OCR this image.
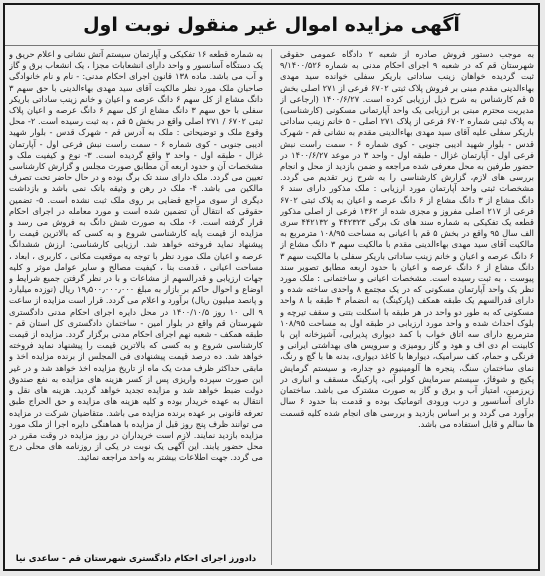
آگهی مزایده اموال غیر منقول نوبت اول

به موجب دستور فروش صادره از شعبه ۲ دادگاه عمومی حقوقی شهرستان قم که در شعبه ۹ اجرای احکام مدنی به شماره ۹/۱۴۰۰/۵۲۶ ثبت گردیده خواهان زینب ساداتی باریکر سفلی خوانده سید مهدی بهاءالدینی مقدم مبنی بر فروش پلاک ثبتی ۶۷۰۲ فرعی از ۲۷۱ اصلی بخش ۵ قم کارشناس به شرح ذیل ارزیابی کرده است. ۱۴۰۰/۶/۲۷ (ارجاعی از مدیریت محترم مبنی بر ارزیابی یک واحد آپارتمانی مسکونی (کارشناسی) به پلاک ثبتی شماره ۶۷۰۲ فرعی از پلاک ۲۷۱ اصلی - ۵ خانم زینب ساداتی باریکر سفلی علیه آقای سید مهدی بهاءالدینی مقدم به نشانی قم - شهرک قدس - بلوار شهید ادیبی جنوبی - کوی شماره ۶ - سمت راست نبش فرعی اول - آپارتمان غزال - طبقه اول - واحد ۳ در موعد ۱۴۰۰/۶/۲۷ در حضور طرفین به محل معرفی شده مراجعه و ضمن بازدید از محل و انجام بررسی های لازم، گزارش کارشناسی را به شرح زیر تقدیم می گردد. مشخصات ثبتی واحد آپارتمان مورد ارزیابی : ملک مذکور دارای سند ۶ دانگ مشاع از ۳ دانگ مشاع از ۶ دانگ عرصه و اعیان به پلاک ثبتی ۶۷۰۲ فرعی از ۲۱۷ اصلی مفروز و مجزی شده از ۱۳۶۲ فرعی از اصلی مذکور قطعه یک تفکیکی به شماره سند های تک برگی ۴۴۲۳۲۳ و ۴۴۲۱۳۲ سری الف سال ۹۵ واقع در بخش ۵ قم با اعیانی به مساحت ۱۰۸/۹۵ مترمربع به مالکیت آقای سید مهدی بهاءالدینی مقدم با مالکیت سهم ۳ دانگ مشاع از ۶ دانگ عرصه و اعیان و خانم زینب ساداتی باریکر سفلی با مالکیت سهم ۳ دانگ مشاع از ۶ دانگ عرصه و اعیان با حدود اربعه مطابق تصویر سند پیوست ، به ثبت رسیده است. مشخصات اعیانی و ساختمانی : ملک مورد نظر یک واحد آپارتمان مسکونی که در یک مجتمع ۸ واحدی ساخته شده و دارای قدرالسهم یک طبقه همکف (پارکینگ) به انضمام ۴ طبقه با ۸ واحد مسکونی که به طور دو واحد در هر طبقه با اسکلت بتنی و سقف تیرچه و بلوک احداث شده و واحد مورد ارزیابی در طبقه اول به مساحت ۱۰۸/۹۵ مترمربع دارای سه اتاق خواب با کمد دیواری پذیرایی، آشپزخانه اپن با کابینت ام دی اف و هود و گاز رومیزی و سرویس های بهداشتی ایرانی و فرنگی و حمام، کف سرامیک، دیوارها با کاغذ دیواری، بدنه ها با گچ و رنگ، نمای ساختمان سنگ، پنجره ها آلومینیوم دو جداره، و سیستم گرمایش پکیج و شوفاژ، سیستم سرمایش کولر آبی، پارکینگ مسقف و انباری در زیرزمین، امتیاز آب و برق و گاز به صورت مشترک می باشد. ساختمان دارای آسانسور و درب ورودی اتوماتیک بوده و قدمت بنا حدود ۶ سال برآورد می گردد و بر اساس بازدید و بررسی های انجام شده کلیه قسمت ها سالم و قابل استفاده می باشد.

به شماره قطعه ۱۶ تفکیکی و آپارتمان سیستم آتش نشانی و اعلام حریق و یک دستگاه آسانسور و واحد دارای انشعابات مجزا ، یک انشعاب برق و گاز و آب می باشد. ماده ۱۳۸ قانون اجرای احکام مدنی: - نام و نام خانوادگی صاحبان ملک مورد نظر مالکیت آقای سید مهدی بهاءالدینی با حق سهم ۳ دانگ مشاع از کل سهم ۶ دانگ عرصه و اعیان و خانم زینب ساداتی باریکر سفلی با حق سهم ۳ دانگ مشاع از کل سهم ۶ دانگ عرصه و اعیان پلاک ثبتی ۶۷۰۲ / ۲۷۱ اصلی واقع در بخش ۵ قم ، به ثبت رسیده است. ۲- محل وقوع ملک و توضیحاتی : ملک به آدرس قم - شهرک قدس - بلوار شهید ادیبی جنوبی - کوی شماره ۶ - سمت راست نبش فرعی اول - آپارتمان غزال - طبقه اول - واحد ۳ واقع گردیده است. ۳- نوع و کیفیت ملک و مشخصات آن و حدود اربعه آن مطابق صورت مجلس و گزارش کارشناسی تعیین می گردد. ملک دارای سند تک برگ بوده و در حال حاضر تحت تصرف مالکین می باشد. ۴- ملک در رهن و وثیقه بانک نمی باشد و بازداشت دیگری از سوی مراجع قضایی بر روی ملک ثبت نشده است. ۵- تضمین حقوقی که انتقال آن تضمین شده است و مورد معامله در اجرای احکام قرار گرفته است. ۶- ملک به صورت شش دانگ به فروش می رسد و مزایده از قیمت پایه کارشناسی شروع و به کسی که بالاترین قیمت را پیشنهاد نماید فروخته خواهد شد. ارزیابی کارشناسی: ارزش ششدانگ عرصه و اعیان ملک مورد نظر با توجه به موقعیت مکانی ، کاربری ، ابعاد ، مساحت اعیانی ، قدمت بنا ، کیفیت مصالح و سایر عوامل موثر و کلیه جهات ارزیابی و قدرالسهم از مشاعات و با در نظر گرفتن جمیع شرایط و اوضاع و احوال حاکم بر بازار به مبلغ ۱۹٫۵۰۰٫۰۰۰٫۰۰۰ ریال (نوزده میلیارد و پانصد میلیون ریال) برآورد و اعلام می گردد. قرار است مزایده از ساعت ۹ الی ۱۰ روز ۱۴۰۰/۱۰/۵ در محل دایره اجرای احکام مدنی دادگستری شهرستان قم واقع در بلوار امین - ساختمان دادگستری کل استان قم - طبقه همکف - شعبه نهم اجرای احکام مدنی برگزار گردد. مزایده از قیمت کارشناسی شروع و به کسی که بالاترین قیمت را پیشنهاد نماید فروخته خواهد شد. ده درصد قیمت پیشنهادی فی المجلس از برنده مزایده اخذ و مابقی حداکثر ظرف مدت یک ماه از تاریخ مزایده اخذ خواهد شد و در غیر این صورت سپرده واریزی پس از کسر هزینه های مزایده به نفع صندوق دولت ضبط خواهد شد و مزایده تجدید خواهد گردید. هزینه های نقل و انتقال به عهده خریدار بوده و کلیه هزینه های مزایده و حق الحراج طبق تعرفه قانونی بر عهده برنده مزایده می باشد. متقاضیان شرکت در مزایده می توانند ظرف پنج روز قبل از مزایده با هماهنگی دایره اجرا از ملک مورد مزایده بازدید نمایند. لازم است خریداران در روز مزایده در وقت مقرر در محل حضور یابند. این آگهی یک نوبت در یکی از روزنامه های محلی درج می گردد. جهت اطلاعات بیشتر به واحد مراجعه نمائید.

دادورز اجرای احکام دادگستری شهرستان قم - ساعدی نیا
